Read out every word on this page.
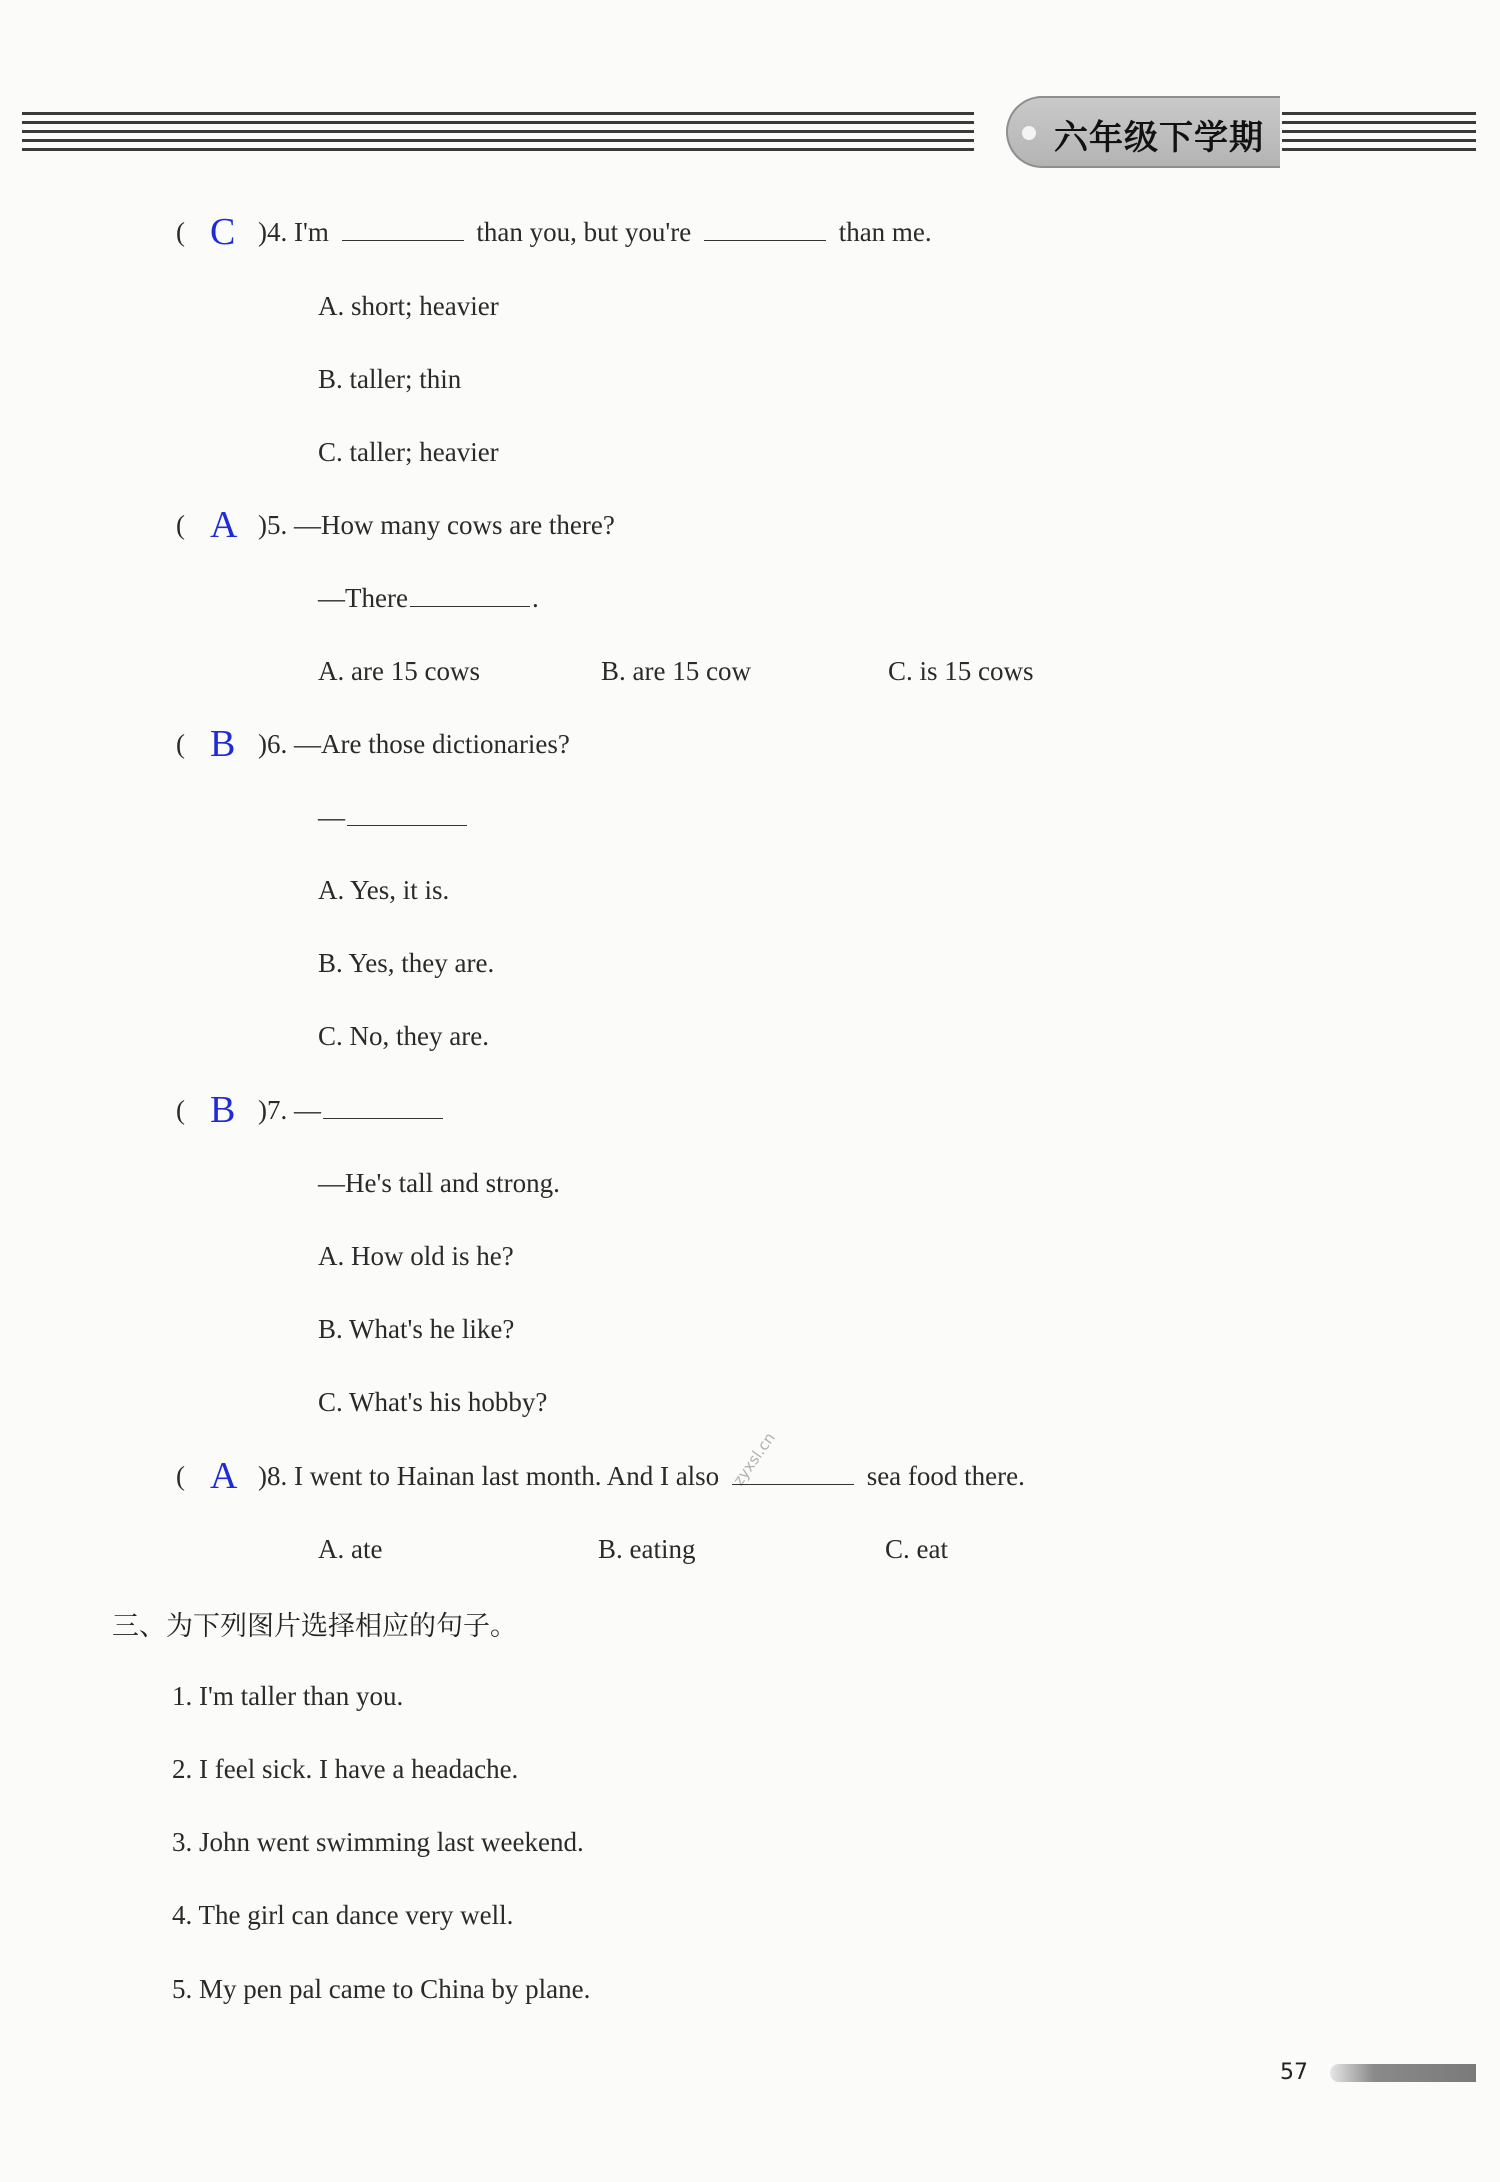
六年级下学期
( C )4. I'm	than you, but you're	than me.
A. short; heavier
B. taller; thin
C. taller; heavier
( A )5. —How many cows are there?
—There	.
A. are 15 cows	B. are 15 cow	C. is 15 cows
( B )6. —Are those dictionaries?
—
A. Yes, it is.
B. Yes, they are.
C. No, they are.
( B )7. —
—He's tall and strong.
A. How old is he?
B. What's he like?
C. What's his hobby?
zyxsl.cn
( A )8. I went to Hainan last month. And I also	sea food there.
A. ate	B. eating	C. eat
三、为下列图片选择相应的句子。
1. I'm taller than you.
2. I feel sick. I have a headache.
3. John went swimming last weekend.
4. The girl can dance very well.
5. My pen pal came to China by plane.
57
